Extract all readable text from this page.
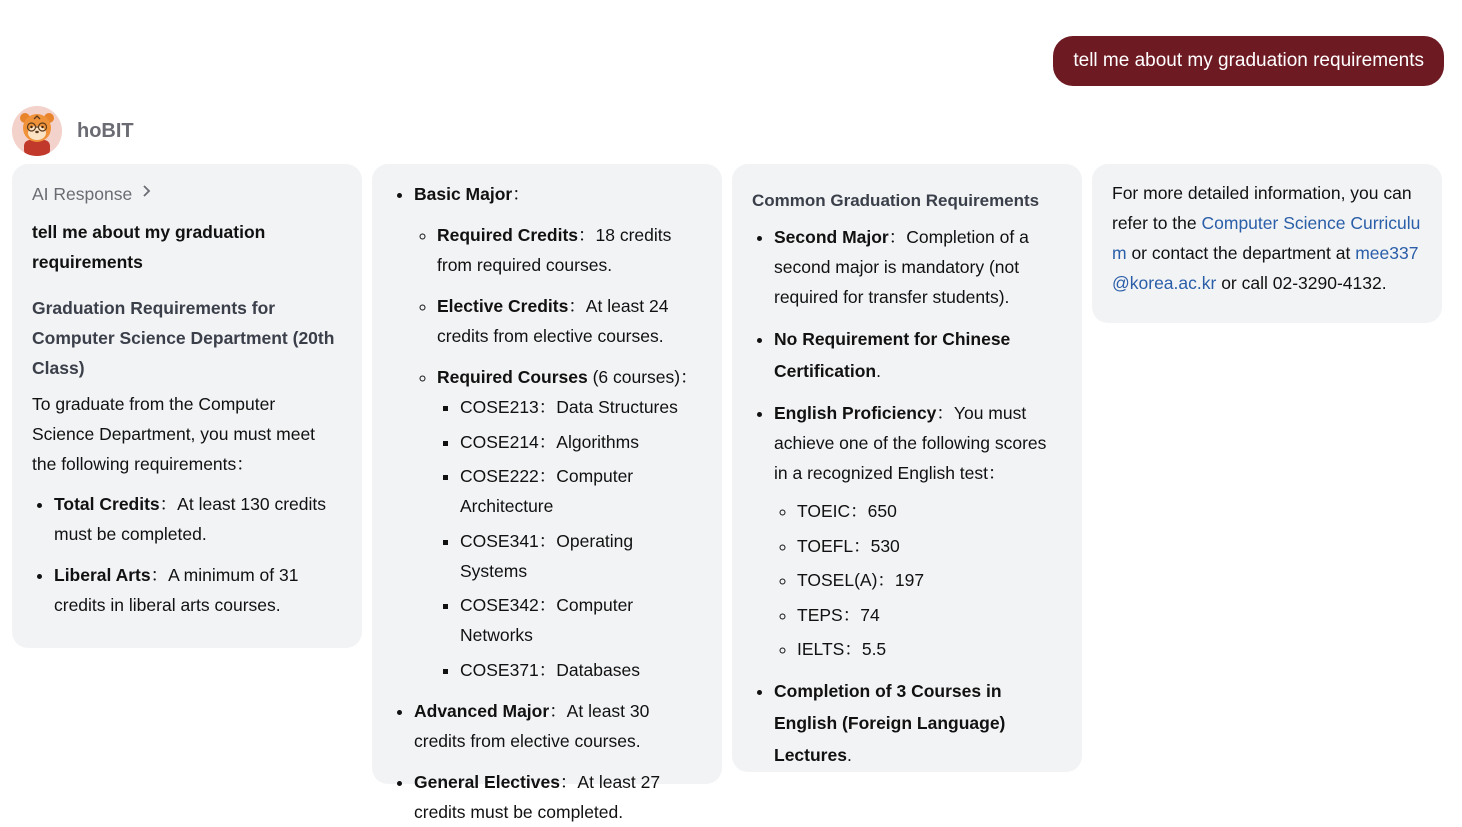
tell me about my graduation requirements
hoBIT
AI Response
tell me about my graduation requirements
Graduation Requirements for Computer Science Department (20th Class)
To graduate from the Computer Science Department, you must meet the following requirements：
• Total Credits：At least 130 credits must be completed.
• Liberal Arts：A minimum of 31 credits in liberal arts courses.
• Basic Major：
◦ Required Credits：18 credits from required courses.
◦ Elective Credits：At least 24 credits from elective courses.
◦ Required Courses (6 courses)：
▪ COSE213：Data Structures
▪ COSE214：Algorithms
▪ COSE222：Computer Architecture
▪ COSE341：Operating Systems
▪ COSE342：Computer Networks
▪ COSE371：Databases
• Advanced Major：At least 30 credits from elective courses.
• General Electives：At least 27 credits must be completed.
Common Graduation Requirements
• Second Major：Completion of a second major is mandatory (not required for transfer students).
• No Requirement for Chinese Certification.
• English Proficiency：You must achieve one of the following scores in a recognized English test：
◦ TOEIC：650
◦ TOEFL：530
◦ TOSEL(A)：197
◦ TEPS：74
◦ IELTS：5.5
• Completion of 3 Courses in English (Foreign Language) Lectures.
For more detailed information, you can refer to the Computer Science Curriculum or contact the department at mee337@korea.ac.kr or call 02-3290-4132.
